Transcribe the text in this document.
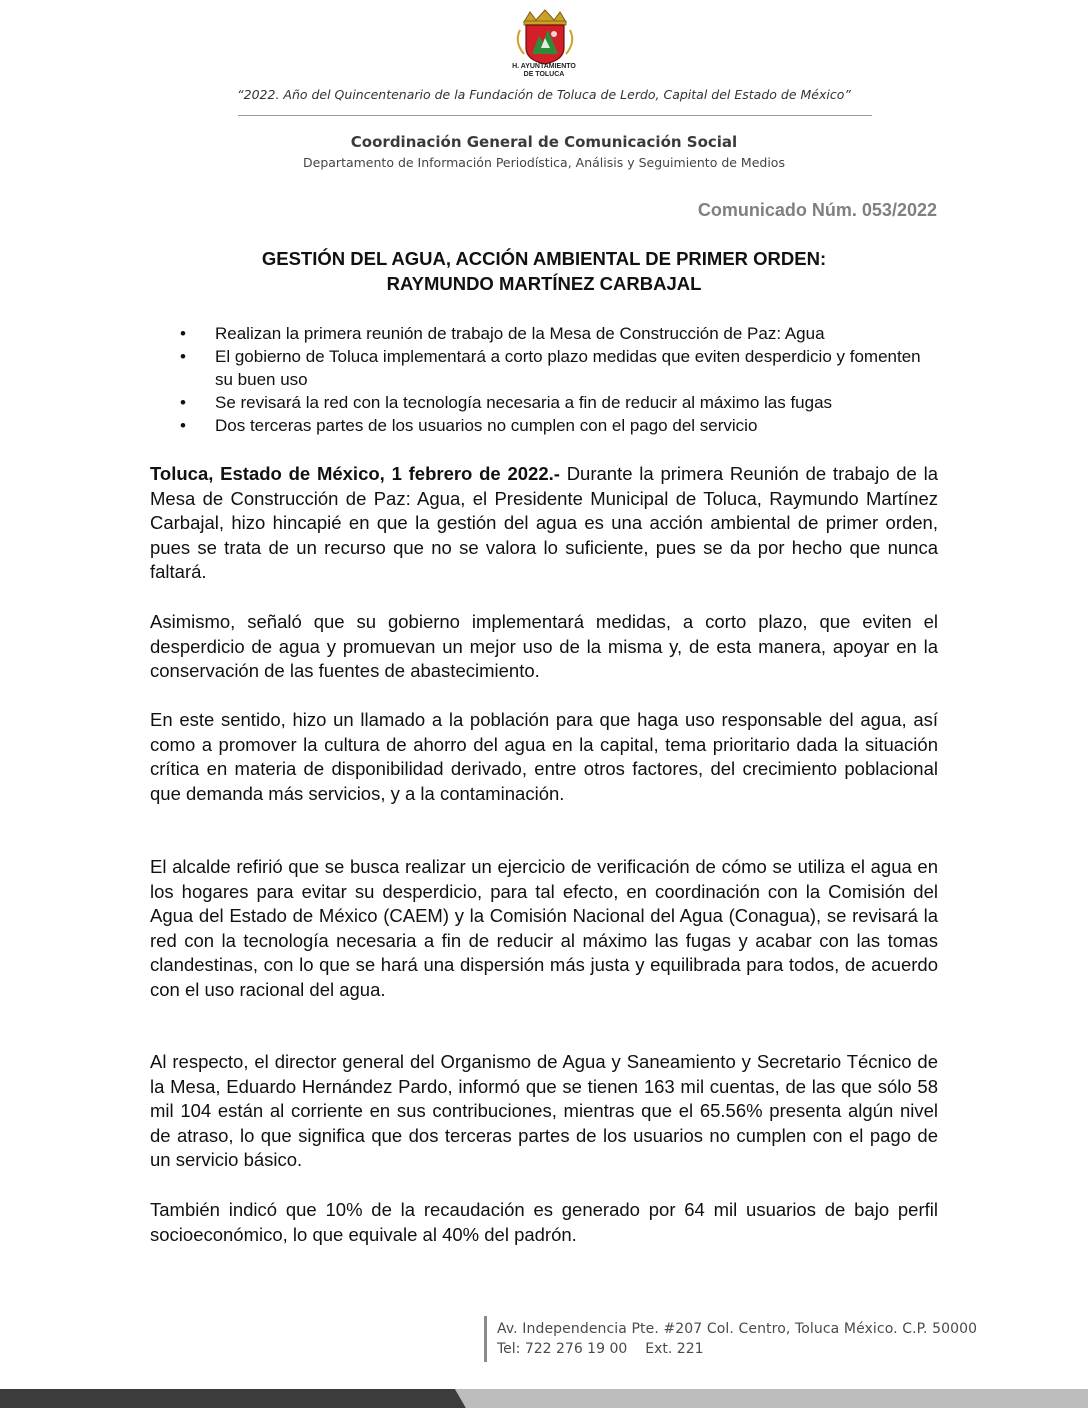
H. AYUNTAMIENTO
DE TOLUCA
“2022. Año del Quincentenario de la Fundación de Toluca de Lerdo, Capital del Estado de México”
Coordinación General de Comunicación Social
Departamento de Información Periodística, Análisis y Seguimiento de Medios
Comunicado Núm. 053/2022
GESTIÓN DEL AGUA, ACCIÓN AMBIENTAL DE PRIMER ORDEN:
RAYMUNDO MARTÍNEZ CARBAJAL
• Realizan la primera reunión de trabajo de la Mesa de Construcción de Paz: Agua
• El gobierno de Toluca implementará a corto plazo medidas que eviten desperdicio y fomenten su buen uso
• Se revisará la red con la tecnología necesaria a fin de reducir al máximo las fugas
• Dos terceras partes de los usuarios no cumplen con el pago del servicio

Toluca, Estado de México, 1 febrero de 2022.- Durante la primera Reunión de trabajo de la Mesa de Construcción de Paz: Agua, el Presidente Municipal de Toluca, Raymundo Martínez Carbajal, hizo hincapié en que la gestión del agua es una acción ambiental de primer orden, pues se trata de un recurso que no se valora lo suficiente, pues se da por hecho que nunca faltará.

Asimismo, señaló que su gobierno implementará medidas, a corto plazo, que eviten el desperdicio de agua y promuevan un mejor uso de la misma y, de esta manera, apoyar en la conservación de las fuentes de abastecimiento.

En este sentido, hizo un llamado a la población para que haga uso responsable del agua, así como a promover la cultura de ahorro del agua en la capital, tema prioritario dada la situación crítica en materia de disponibilidad derivado, entre otros factores, del crecimiento poblacional que demanda más servicios, y a la contaminación.

El alcalde refirió que se busca realizar un ejercicio de verificación de cómo se utiliza el agua en los hogares para evitar su desperdicio, para tal efecto, en coordinación con la Comisión del Agua del Estado de México (CAEM) y la Comisión Nacional del Agua (Conagua), se revisará la red con la tecnología necesaria a fin de reducir al máximo las fugas y acabar con las tomas clandestinas, con lo que se hará una dispersión más justa y equilibrada para todos, de acuerdo con el uso racional del agua.

Al respecto, el director general del Organismo de Agua y Saneamiento y Secretario Técnico de la Mesa, Eduardo Hernández Pardo, informó que se tienen 163 mil cuentas, de las que sólo 58 mil 104 están al corriente en sus contribuciones, mientras que el 65.56% presenta algún nivel de atraso, lo que significa que dos terceras partes de los usuarios no cumplen con el pago de un servicio básico.

También indicó que 10% de la recaudación es generado por 64 mil usuarios de bajo perfil socioeconómico, lo que equivale al 40% del padrón.

Av. Independencia Pte. #207 Col. Centro, Toluca México. C.P. 50000
Tel: 722 276 19 00 Ext. 221
